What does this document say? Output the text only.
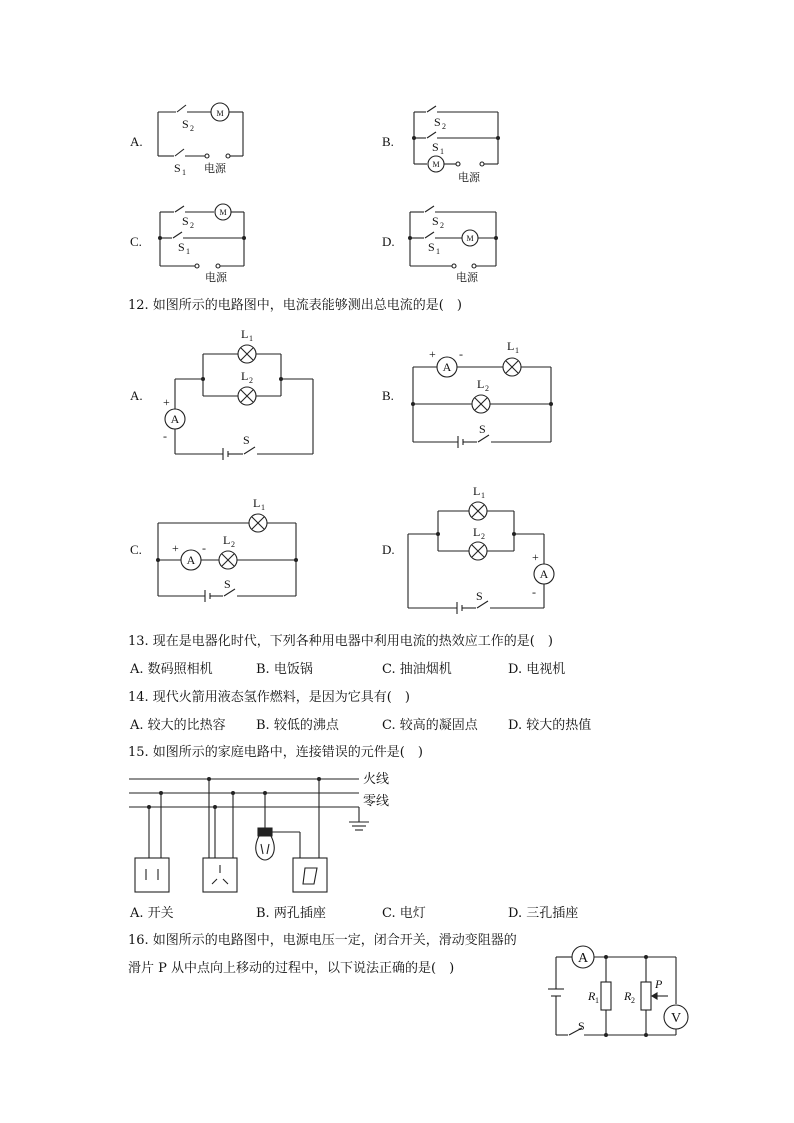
A.
M
S 2
S 1 电源
B.
M
S 2
S 1
电源
C.
M
S 2
S 1
电源
D.	M
S 2
S 1
电源
12. 如图所示的电路图中，电流表能够测出总电流的是(　)
A.
A
+
-
L 1
L 2
S
B.
A
+ -
L 1
L 2
S
C.
A
+ -
L 1
L 2
S
D.
A
+
-
L 1
L 2
S
13. 现在是电器化时代，下列各种用电器中利用电流的热效应工作的是(　)
A. 数码照相机	B. 电饭锅	C. 抽油烟机	D. 电视机
14. 现代火箭用液态氢作燃料，是因为它具有(　)
A. 较大的比热容 B. 较低的沸点	C. 较高的凝固点 D. 较大的热值
15. 如图所示的家庭电路中，连接错误的元件是(　)
火线
零线
A. 开关	B. 两孔插座	C. 电灯	D. 三孔插座
16. 如图所示的电路图中，电源电压一定，闭合开关，滑动变阻器的
滑片 P 从中点向上移动的过程中，以下说法正确的是(　)
A
S
R 1 R 2
P
V
